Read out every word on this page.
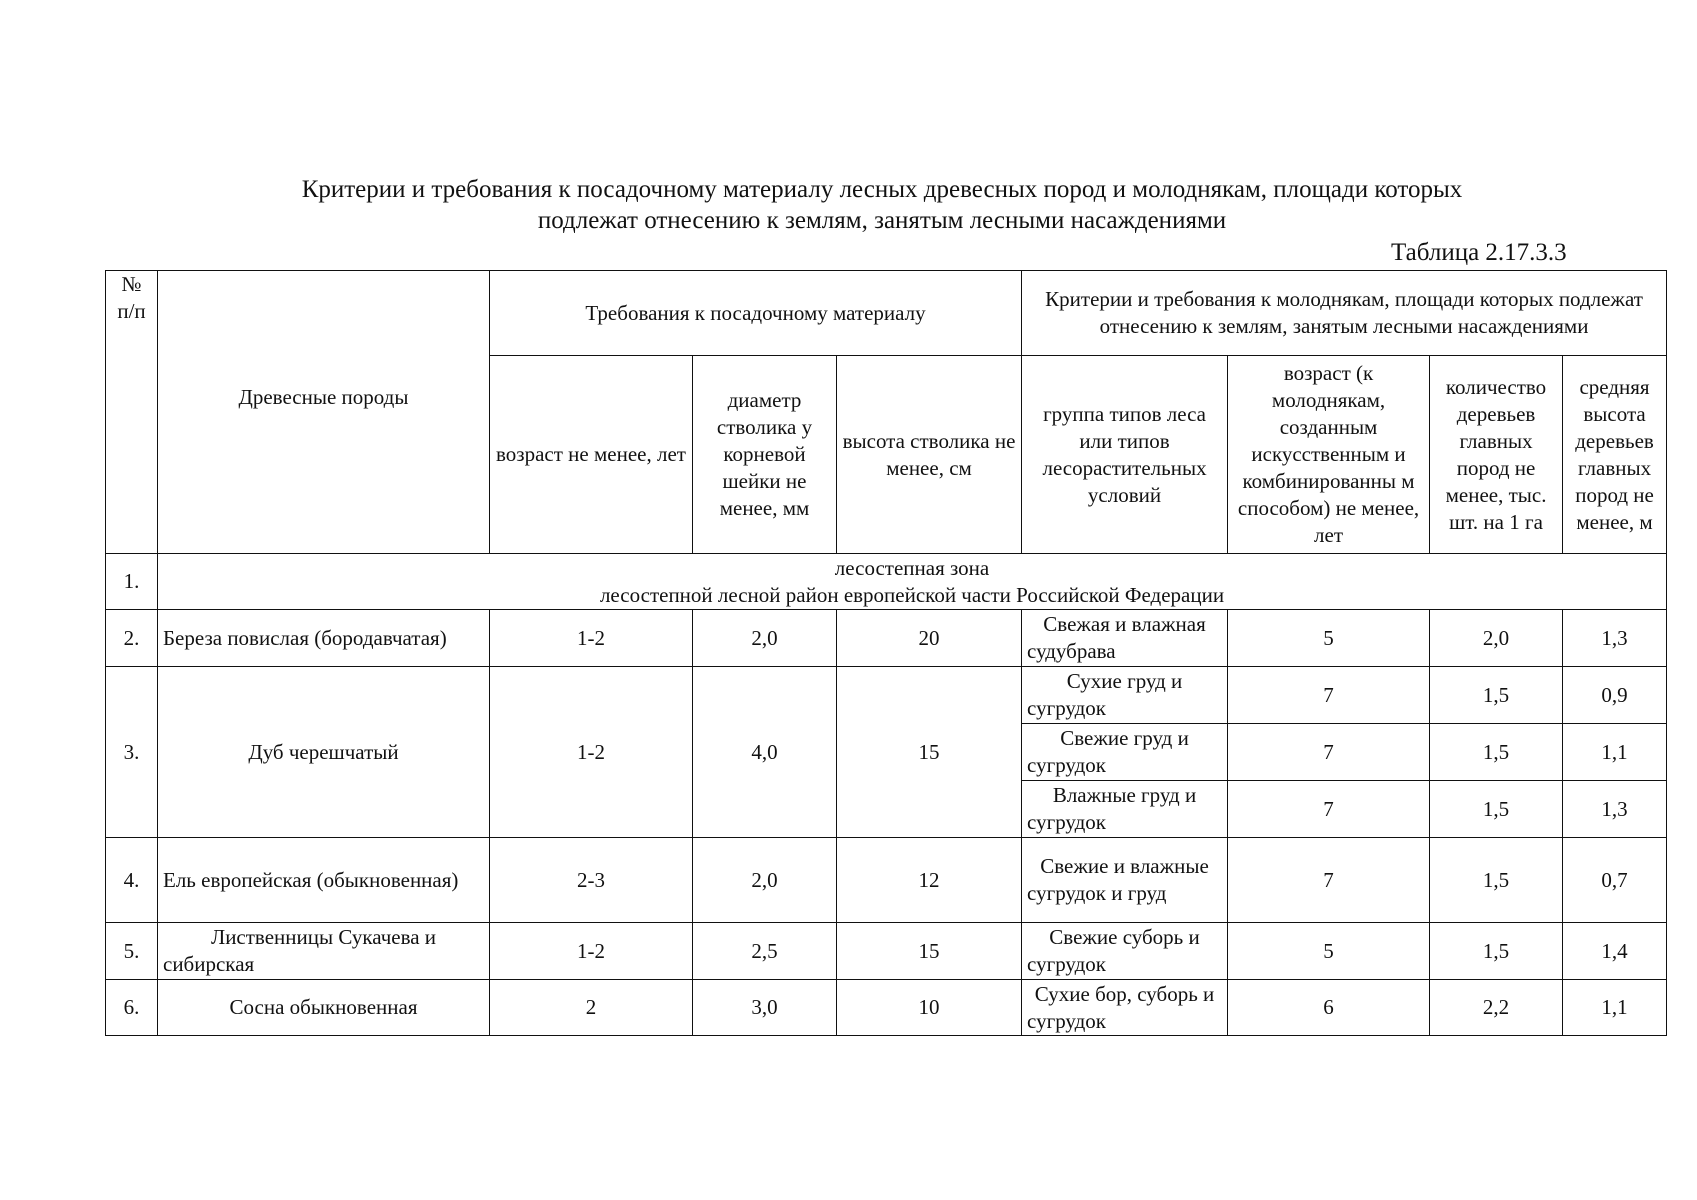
Критерии и требования к посадочному материалу лесных древесных пород и молоднякам, площади которых
подлежат отнесению к землям, занятым лесными насаждениями
Таблица 2.17.3.3
№ п/п	Древесные породы	Требования к посадочному материалу			Критерии и требования к молоднякам, площади которых подлежат отнесению к землям, занятым лесными насаждениями			
		возраст не менее, лет	диаметр стволика у корневой шейки не менее, мм	высота стволика не менее, см	группа типов леса или типов лесорастительных условий	возраст (к молоднякам, созданным искусственным и комбинированны м способом) не менее, лет	количество деревьев главных пород не менее, тыс. шт. на 1 га	средняя высота деревьев главных пород не менее, м
1.	лесостепная зона
лесостепной лесной район европейской части Российской Федерации							

2.	Береза повислая (бородавчатая)	1-2	2,0	20	Свежая и влажная судубрава	5	2,0	1,3
3.	Дуб черешчатый	1-2	4,0	15	Сухие груд и сугрудок	7	1,5	0,9
					Свежие груд и сугрудок	7	1,5	1,1
					Влажные груд и сугрудок	7	1,5	1,3
4.	Ель европейская (обыкновенная)	2-3	2,0	12	Свежие и влажные сугрудок и груд	7	1,5	0,7
5.	Лиственницы Сукачева и сибирская	1-2	2,5	15	Свежие суборь и сугрудок	5	1,5	1,4
6.	Сосна обыкновенная	2	3,0	10	Сухие бор, суборь и сугрудок	6	2,2	1,1
